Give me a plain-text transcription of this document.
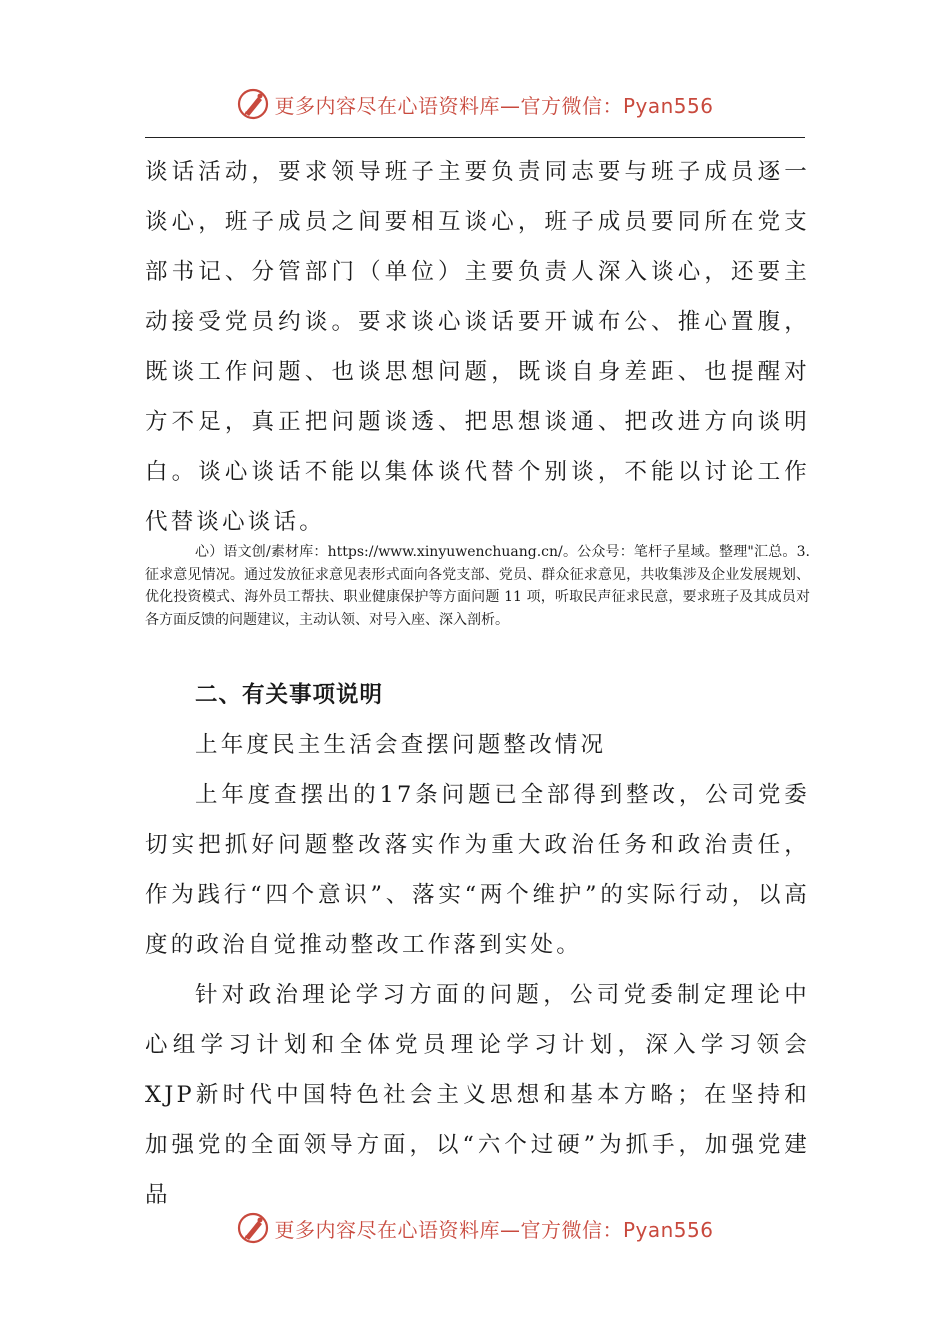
更多内容尽在心语资料库—官方微信：Pyan556

谈话活动，要求领导班子主要负责同志要与班子成员逐一谈心，班子成员之间要相互谈心，班子成员要同所在党支部书记、分管部门（单位）主要负责人深入谈心，还要主动接受党员约谈。要求谈心谈话要开诚布公、推心置腹，既谈工作问题、也谈思想问题，既谈自身差距、也提醒对方不足，真正把问题谈透、把思想谈通、把改进方向谈明白。谈心谈话不能以集体谈代替个别谈，不能以讨论工作代替谈心谈话。

心）语文创/素材库：https://www.xinyuwenchuang.cn/。公众号：笔杆子星域。整理"汇总。3.征求意见情况。通过发放征求意见表形式面向各党支部、党员、群众征求意见，共收集涉及企业发展规划、优化投资模式、海外员工帮扶、职业健康保护等方面问题 11 项，听取民声征求民意，要求班子及其成员对各方面反馈的问题建议，主动认领、对号入座、深入剖析。

二、有关事项说明

上年度民主生活会查摆问题整改情况

上年度查摆出的17条问题已全部得到整改，公司党委切实把抓好问题整改落实作为重大政治任务和政治责任，作为践行“四个意识”、落实“两个维护”的实际行动，以高度的政治自觉推动整改工作落到实处。

针对政治理论学习方面的问题，公司党委制定理论中心组学习计划和全体党员理论学习计划，深入学习领会XJP新时代中国特色社会主义思想和基本方略；在坚持和加强党的全面领导方面，以“六个过硬”为抓手，加强党建品

更多内容尽在心语资料库—官方微信：Pyan556
